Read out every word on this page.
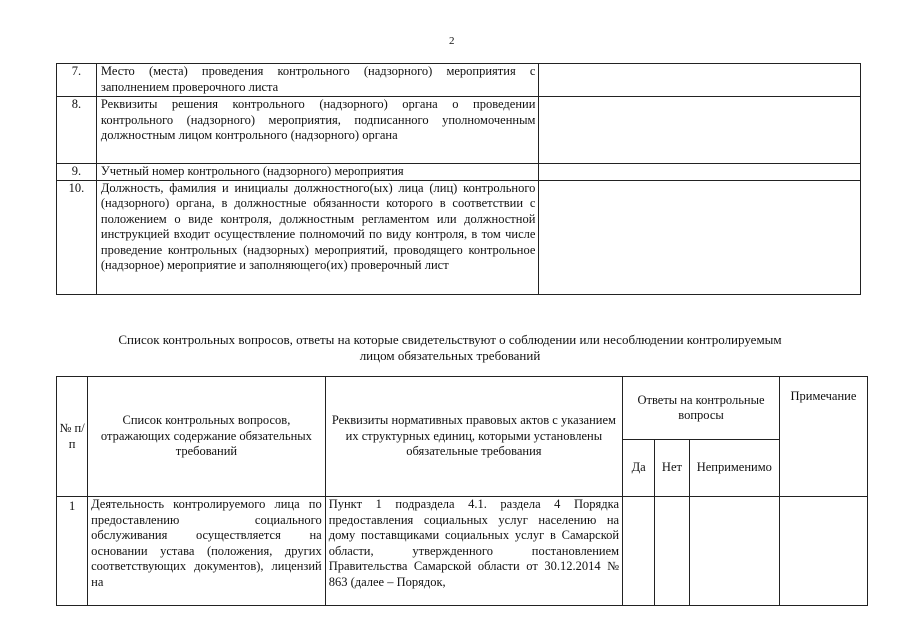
2
7.	Место (места) проведения контрольного (надзорного) мероприятия с заполнением проверочного листа	
8.	Реквизиты решения контрольного (надзорного) органа о проведении контрольного (надзорного) мероприятия, подписанного уполномоченным должностным лицом контрольного (надзорного) органа	
9.	Учетный номер контрольного (надзорного) мероприятия	
10.	Должность, фамилия и инициалы должностного(ых) лица (лиц) контрольного (надзорного) органа, в должностные обязанности которого в соответствии с положением о виде контроля, должностным регламентом или должностной инструкцией входит осуществление полномочий по виду контроля, в том числе проведение контрольных (надзорных) мероприятий, проводящего контрольное (надзорное) мероприятие и заполняющего(их) проверочный лист	
Список контрольных вопросов, ответы на которые свидетельствуют о соблюдении или несоблюдении контролируемым лицом обязательных требований
№ п/п	Список контрольных вопросов, отражающих содержание обязательных требований	Реквизиты нормативных правовых актов с указанием их структурных единиц, которыми установлены обязательные требования	Ответы на контрольные вопросы			Примечание
			Да	Нет	Неприменимо	
1	Деятельность контролируемого лица по предоставлению социального обслуживания осуществляется на основании устава (положения, других соответствующих документов), лицензий на	Пункт 1 подраздела 4.1. раздела 4 Порядка предоставления социальных услуг населению на дому поставщиками социальных услуг в Самарской области, утвержденного постановлением Правительства Самарской области от 30.12.2014 № 863 (далее – Порядок,				
